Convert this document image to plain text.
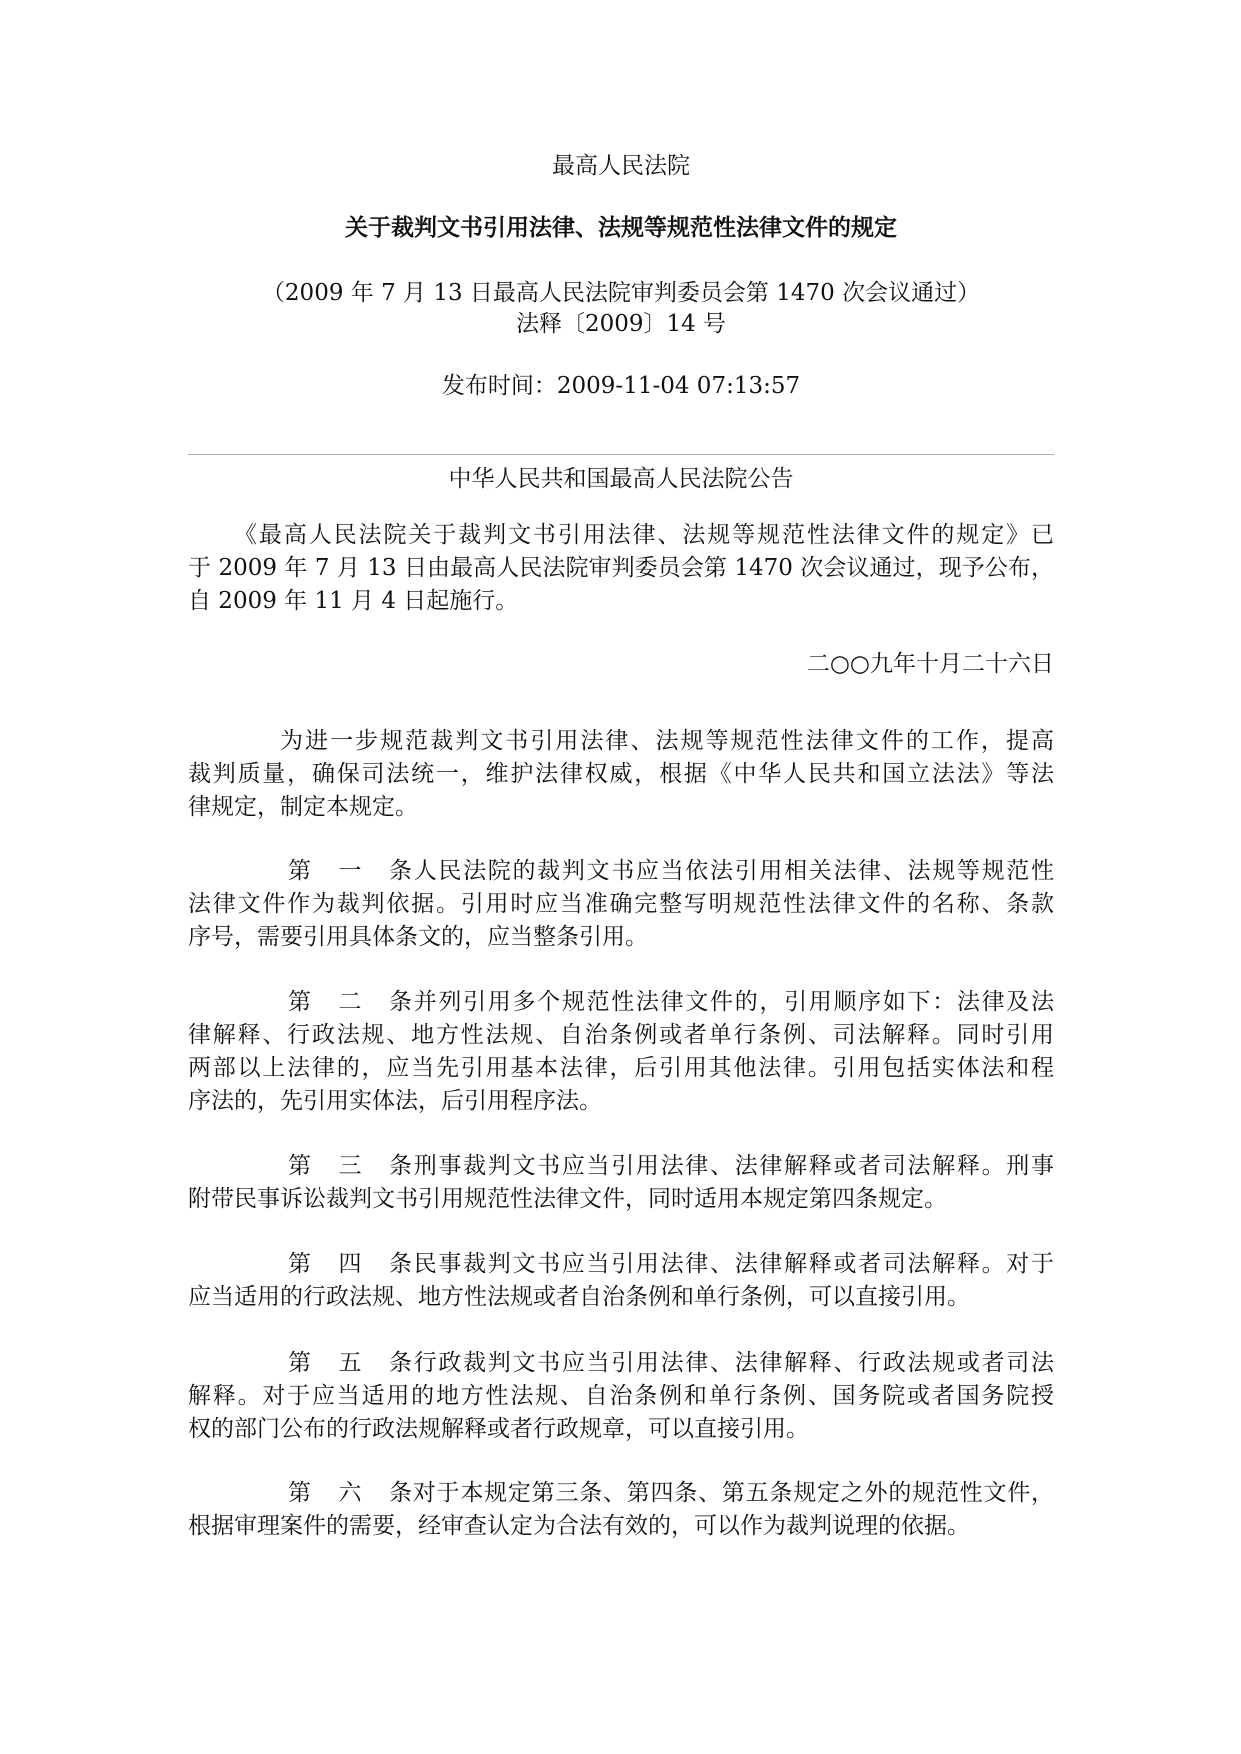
最高人民法院
关于裁判文书引用法律、法规等规范性法律文件的规定
（2009 年 7 月 13 日最高人民法院审判委员会第 1470 次会议通过）
法释〔2009〕14 号
发布时间：2009-11-04 07:13:57
中华人民共和国最高人民法院公告
《最高人民法院关于裁判文书引用法律、法规等规范性法律文件的规定》已
于 2009 年 7 月 13 日由最高人民法院审判委员会第 1470 次会议通过，现予公布，
自 2009 年 11 月 4 日起施行。
二○○九年十月二十六日
为进一步规范裁判文书引用法律、法规等规范性法律文件的工作，提高
裁判质量，确保司法统一，维护法律权威，根据《中华人民共和国立法法》等法
律规定，制定本规定。
第一条人民法院的裁判文书应当依法引用相关法律、法规等规范性
法律文件作为裁判依据。引用时应当准确完整写明规范性法律文件的名称、条款
序号，需要引用具体条文的，应当整条引用。
第二条并列引用多个规范性法律文件的，引用顺序如下：法律及法
律解释、行政法规、地方性法规、自治条例或者单行条例、司法解释。同时引用
两部以上法律的，应当先引用基本法律，后引用其他法律。引用包括实体法和程
序法的，先引用实体法，后引用程序法。
第三条刑事裁判文书应当引用法律、法律解释或者司法解释。刑事
附带民事诉讼裁判文书引用规范性法律文件，同时适用本规定第四条规定。
第四条民事裁判文书应当引用法律、法律解释或者司法解释。对于
应当适用的行政法规、地方性法规或者自治条例和单行条例，可以直接引用。
第五条行政裁判文书应当引用法律、法律解释、行政法规或者司法
解释。对于应当适用的地方性法规、自治条例和单行条例、国务院或者国务院授
权的部门公布的行政法规解释或者行政规章，可以直接引用。
第六条对于本规定第三条、第四条、第五条规定之外的规范性文件，
根据审理案件的需要，经审查认定为合法有效的，可以作为裁判说理的依据。
